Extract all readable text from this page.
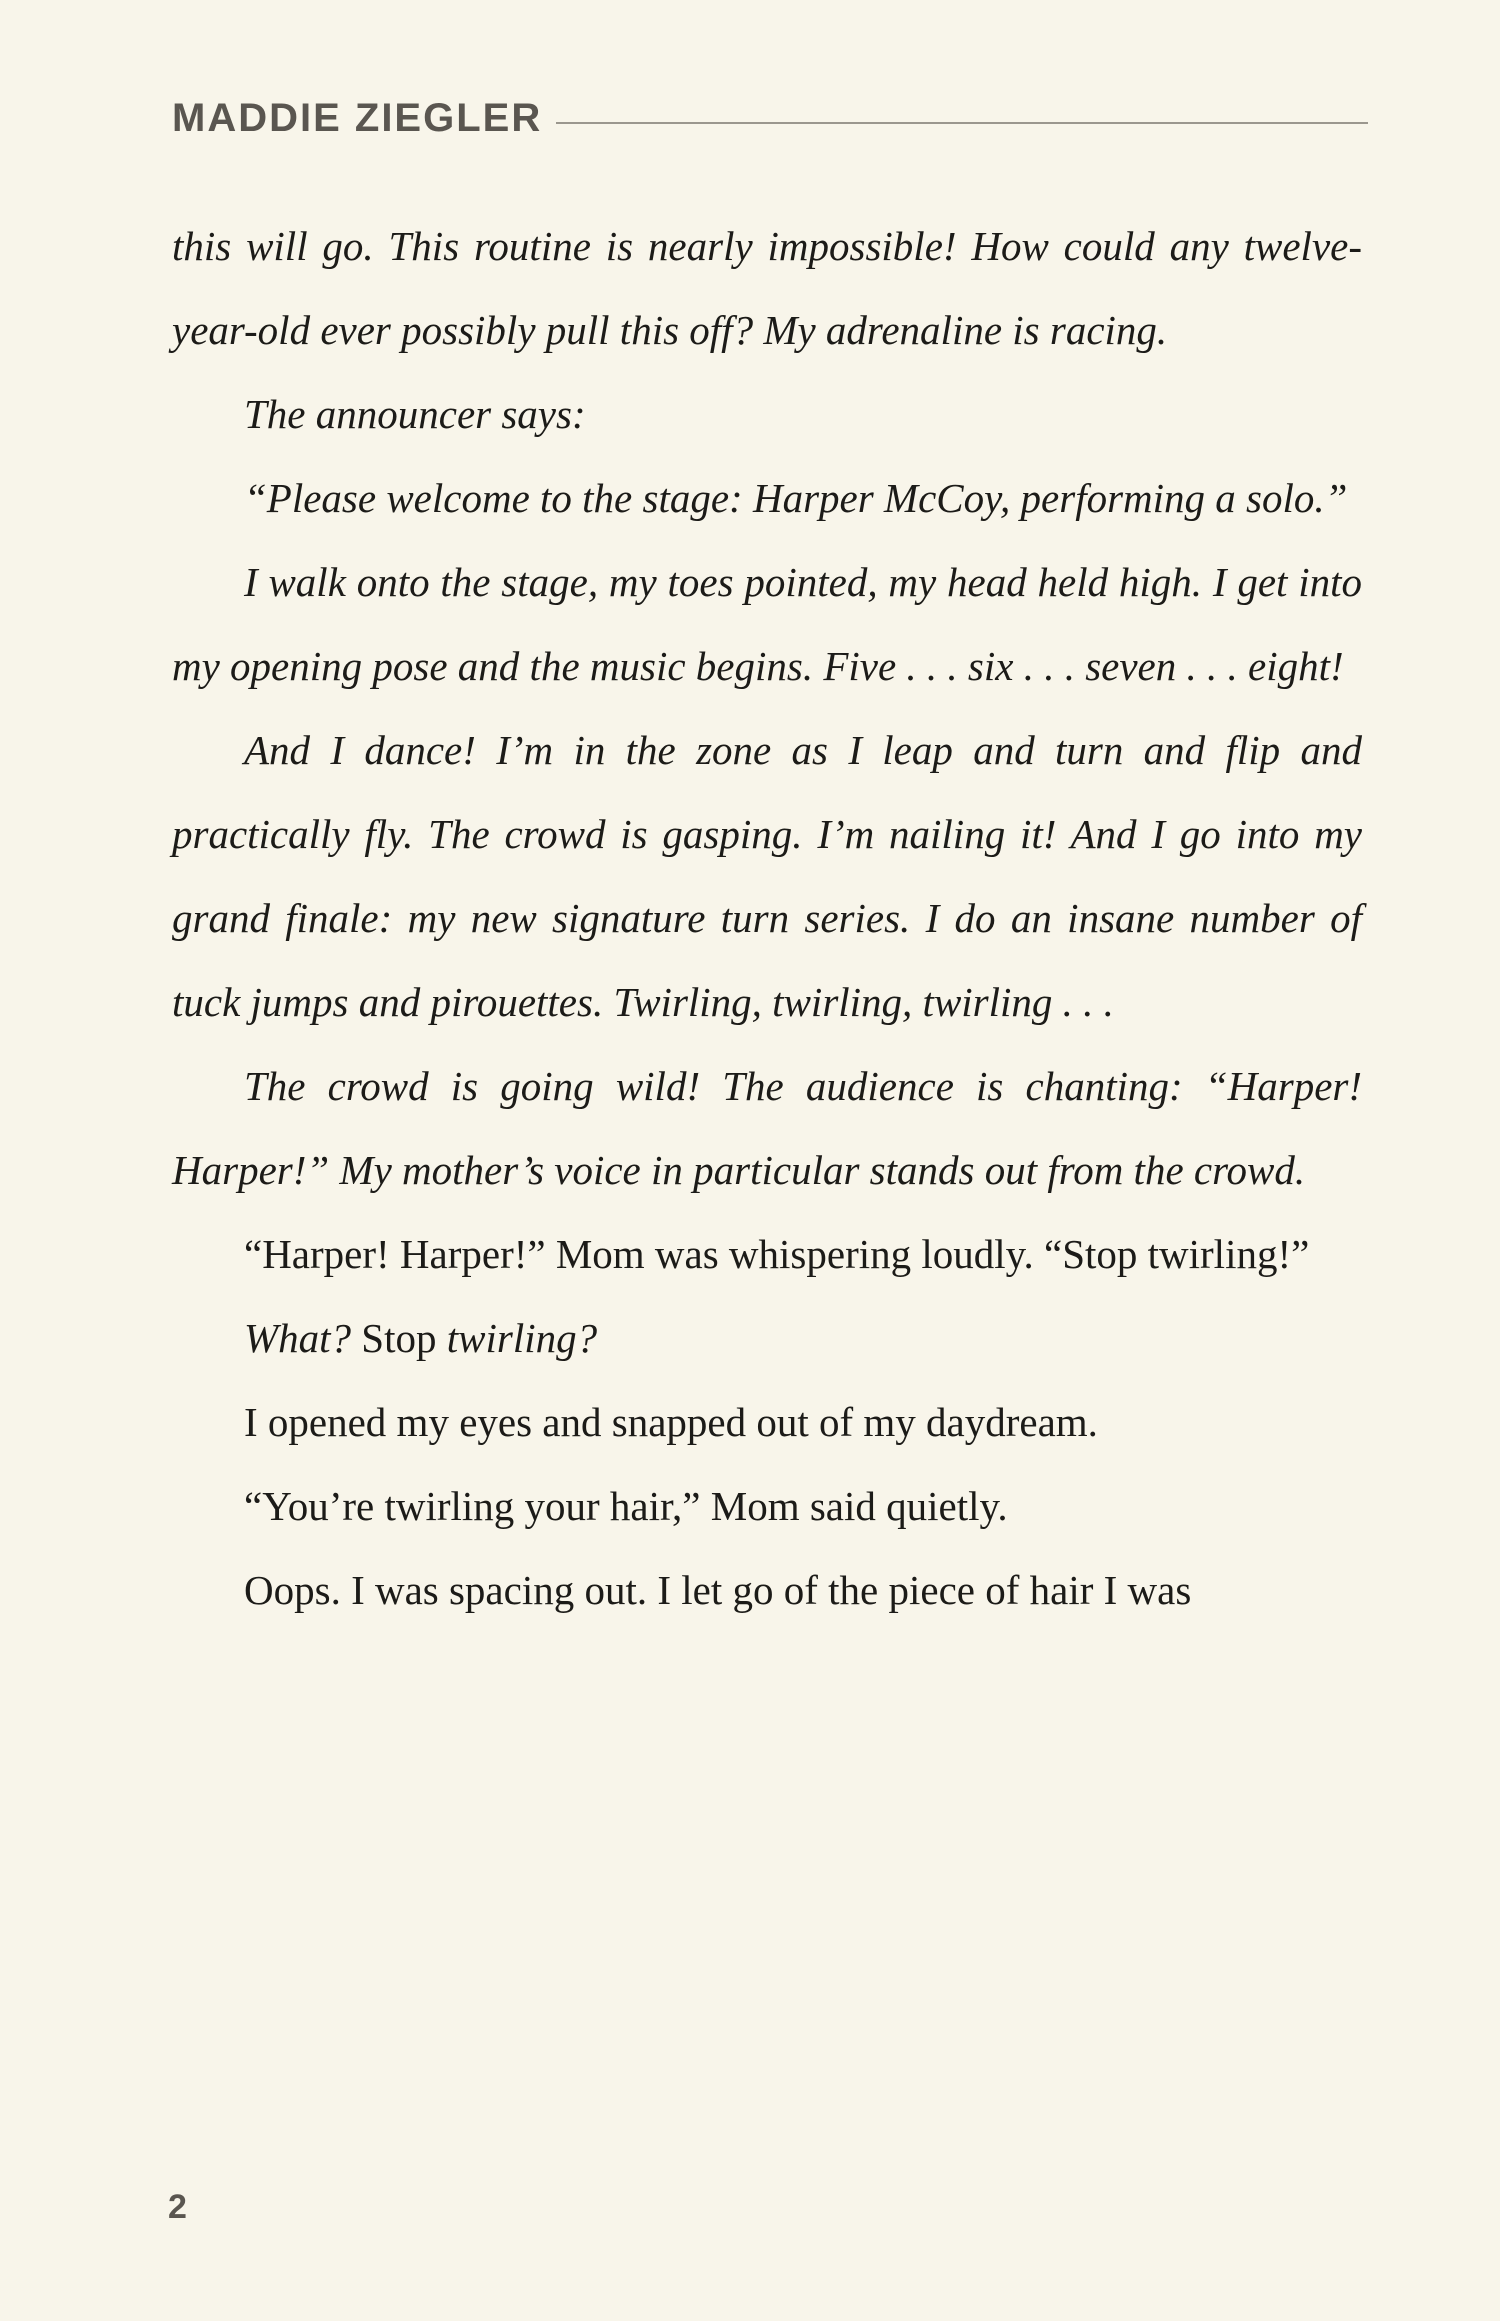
MADDIE ZIEGLER

this will go. This routine is nearly impossible! How could any twelve-year-old ever possibly pull this off? My adrenaline is racing.

The announcer says:

“Please welcome to the stage: Harper McCoy, performing a solo.”

I walk onto the stage, my toes pointed, my head held high. I get into my opening pose and the music begins. Five . . . six . . . seven . . . eight!

And I dance! I’m in the zone as I leap and turn and flip and practically fly. The crowd is gasping. I’m nailing it! And I go into my grand finale: my new signature turn series. I do an insane number of tuck jumps and pirouettes. Twirling, twirling, twirling . . .

The crowd is going wild! The audience is chanting: “Harper! Harper!” My mother’s voice in particular stands out from the crowd.

“Harper! Harper!” Mom was whispering loudly. “Stop twirling!”

What? Stop twirling?

I opened my eyes and snapped out of my daydream.

“You’re twirling your hair,” Mom said quietly.

Oops. I was spacing out. I let go of the piece of hair I was

2
